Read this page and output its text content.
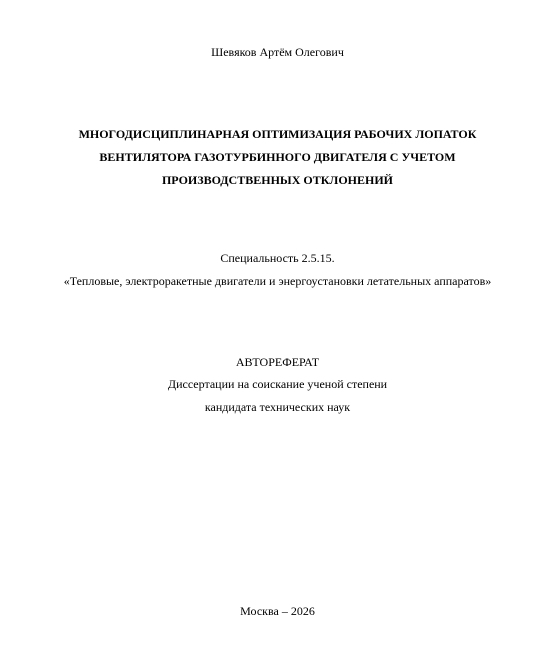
Шевяков Артём Олегович
МНОГОДИСЦИПЛИНАРНАЯ ОПТИМИЗАЦИЯ РАБОЧИХ ЛОПАТОК
ВЕНТИЛЯТОРА ГАЗОТУРБИННОГО ДВИГАТЕЛЯ С УЧЕТОМ
ПРОИЗВОДСТВЕННЫХ ОТКЛОНЕНИЙ
Специальность 2.5.15.
«Тепловые, электроракетные двигатели и энергоустановки летательных аппаратов»
АВТОРЕФЕРАТ
Диссертации на соискание ученой степени
кандидата технических наук
Москва – 2026
